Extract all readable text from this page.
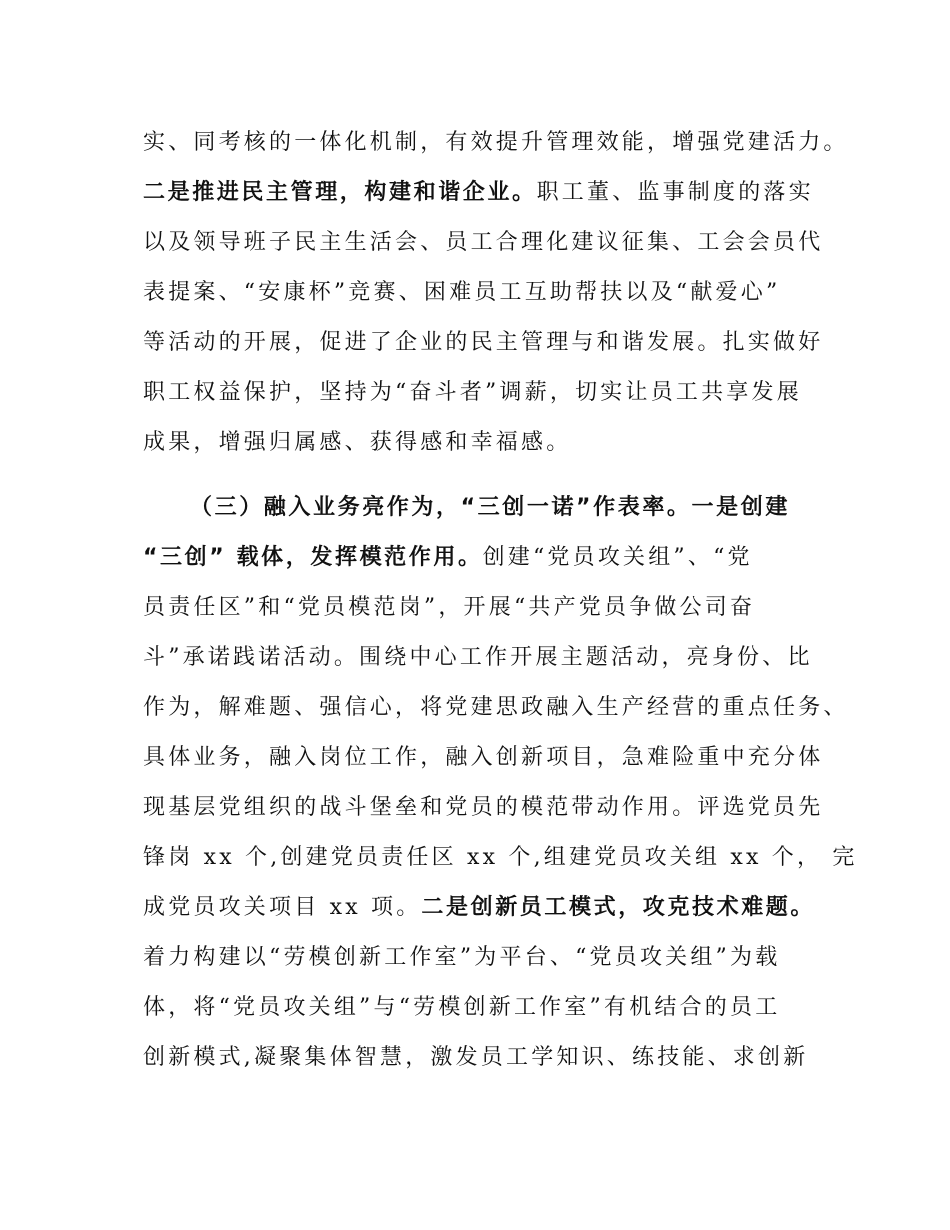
实、同考核的一体化机制，有效提升管理效能，增强党建活力。
二是推进民主管理，构建和谐企业。职工董、监事制度的落实
以及领导班子民主生活会、员工合理化建议征集、工会会员代
表提案、“安康杯”竞赛、困难员工互助帮扶以及“献爱心”
等活动的开展，促进了企业的民主管理与和谐发展。扎实做好
职工权益保护，坚持为“奋斗者”调薪，切实让员工共享发展
成果，增强归属感、获得感和幸福感。
（三）融入业务亮作为，“三创一诺”作表率。一是创建
“三创” 载体，发挥模范作用。创建“党员攻关组”、“党
员责任区”和“党员模范岗”，开展“共产党员争做公司奋
斗”承诺践诺活动。围绕中心工作开展主题活动，亮身份、比
作为，解难题、强信心，将党建思政融入生产经营的重点任务、
具体业务，融入岗位工作，融入创新项目，急难险重中充分体
现基层党组织的战斗堡垒和党员的模范带动作用。评选党员先
锋岗 xx 个,创建党员责任区 xx 个,组建党员攻关组 xx 个， 完
成党员攻关项目 xx 项。二是创新员工模式，攻克技术难题。
着力构建以“劳模创新工作室”为平台、“党员攻关组”为载
体，将“党员攻关组”与“劳模创新工作室”有机结合的员工
创新模式,凝聚集体智慧，激发员工学知识、练技能、求创新
